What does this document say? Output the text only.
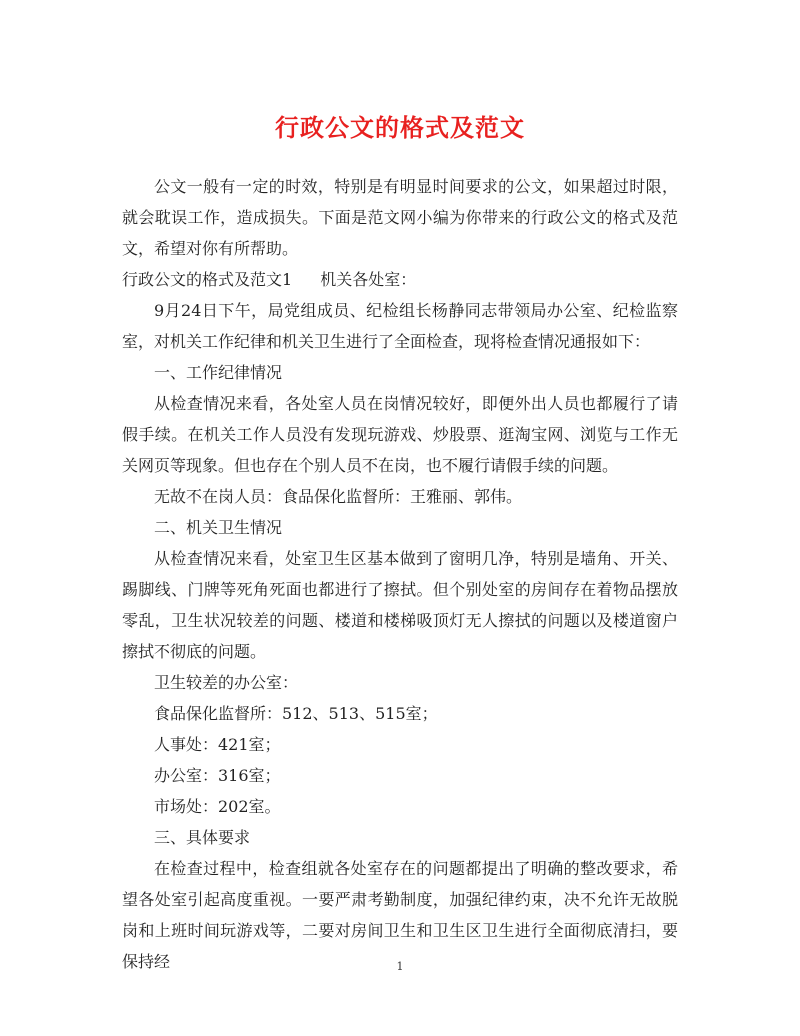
行政公文的格式及范文

公文一般有一定的时效，特别是有明显时间要求的公文，如果超过时限，就会耽误工作，造成损失。下面是范文网小编为你带来的行政公文的格式及范文，希望对你有所帮助。

行政公文的格式及范文1 机关各处室：

9月24日下午，局党组成员、纪检组长杨静同志带领局办公室、纪检监察室，对机关工作纪律和机关卫生进行了全面检查，现将检查情况通报如下：

一、工作纪律情况

从检查情况来看，各处室人员在岗情况较好，即便外出人员也都履行了请假手续。在机关工作人员没有发现玩游戏、炒股票、逛淘宝网、浏览与工作无关网页等现象。但也存在个别人员不在岗，也不履行请假手续的问题。

无故不在岗人员：食品保化监督所：王雅丽、郭伟。

二、机关卫生情况

从检查情况来看，处室卫生区基本做到了窗明几净，特别是墙角、开关、踢脚线、门牌等死角死面也都进行了擦拭。但个别处室的房间存在着物品摆放零乱，卫生状况较差的问题、楼道和楼梯吸顶灯无人擦拭的问题以及楼道窗户擦拭不彻底的问题。

卫生较差的办公室：

食品保化监督所：512、513、515室；

人事处：421室；

办公室：316室；

市场处：202室。

三、具体要求

在检查过程中，检查组就各处室存在的问题都提出了明确的整改要求，希望各处室引起高度重视。一要严肃考勤制度，加强纪律约束，决不允许无故脱岗和上班时间玩游戏等，二要对房间卫生和卫生区卫生进行全面彻底清扫，要保持经	1
